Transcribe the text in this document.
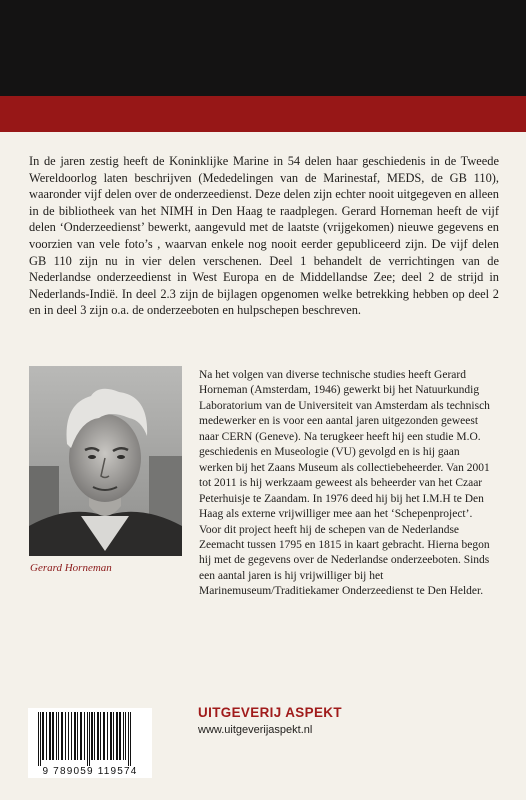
In de jaren zestig heeft de Koninklijke Marine in 54 delen haar geschiedenis in de Tweede Wereldoorlog laten beschrijven (Mededelingen van de Marinestaf, MEDS, de GB 110), waaronder vijf delen over de onderzeedienst. Deze delen zijn echter nooit uitgegeven en alleen in de bibliotheek van het NIMH in Den Haag te raadplegen. Gerard Horneman heeft de vijf delen ‘Onderzeedienst’ bewerkt, aangevuld met de laatste (vrijgekomen) nieuwe gegevens en voorzien van vele foto’s , waarvan enkele nog nooit eerder gepubliceerd zijn. De vijf delen GB 110 zijn nu in vier delen verschenen. Deel 1 behandelt de verrichtingen van de Nederlandse onderzeedienst in West Europa en de Middellandse Zee; deel 2 de strijd in Nederlands-Indië. In deel 2.3 zijn de bijlagen opgenomen welke betrekking hebben op deel 2 en in deel 3 zijn o.a. de onderzeeboten en hulpschepen beschreven.

Gerard Horneman

Na het volgen van diverse technische studies heeft Gerard Horneman (Amsterdam, 1946) gewerkt bij het Natuurkundig Laboratorium van de Universiteit van Amsterdam als technisch medewerker en is voor een aantal jaren uitgezonden geweest naar CERN (Geneve). Na terugkeer heeft hij een studie M.O. geschiedenis en Museologie (VU) gevolgd en is hij gaan werken bij het Zaans Museum als collectiebeheerder. Van 2001 tot 2011 is hij werkzaam geweest als beheerder van het Czaar Peterhuisje te Zaandam. In 1976 deed hij bij het I.M.H te Den Haag als externe vrijwilliger mee aan het ‘Schepenproject’. Voor dit project heeft hij de schepen van de Nederlandse Zeemacht tussen 1795 en 1815 in kaart gebracht. Hierna begon hij met de gegevens over de Nederlandse onderzeeboten. Sinds een aantal jaren is hij vrijwilliger bij het Marinemuseum/Traditiekamer Onderzeedienst te Den Helder.

9 789059 119574
UITGEVERIJ ASPEKT
www.uitgeverijaspekt.nl
